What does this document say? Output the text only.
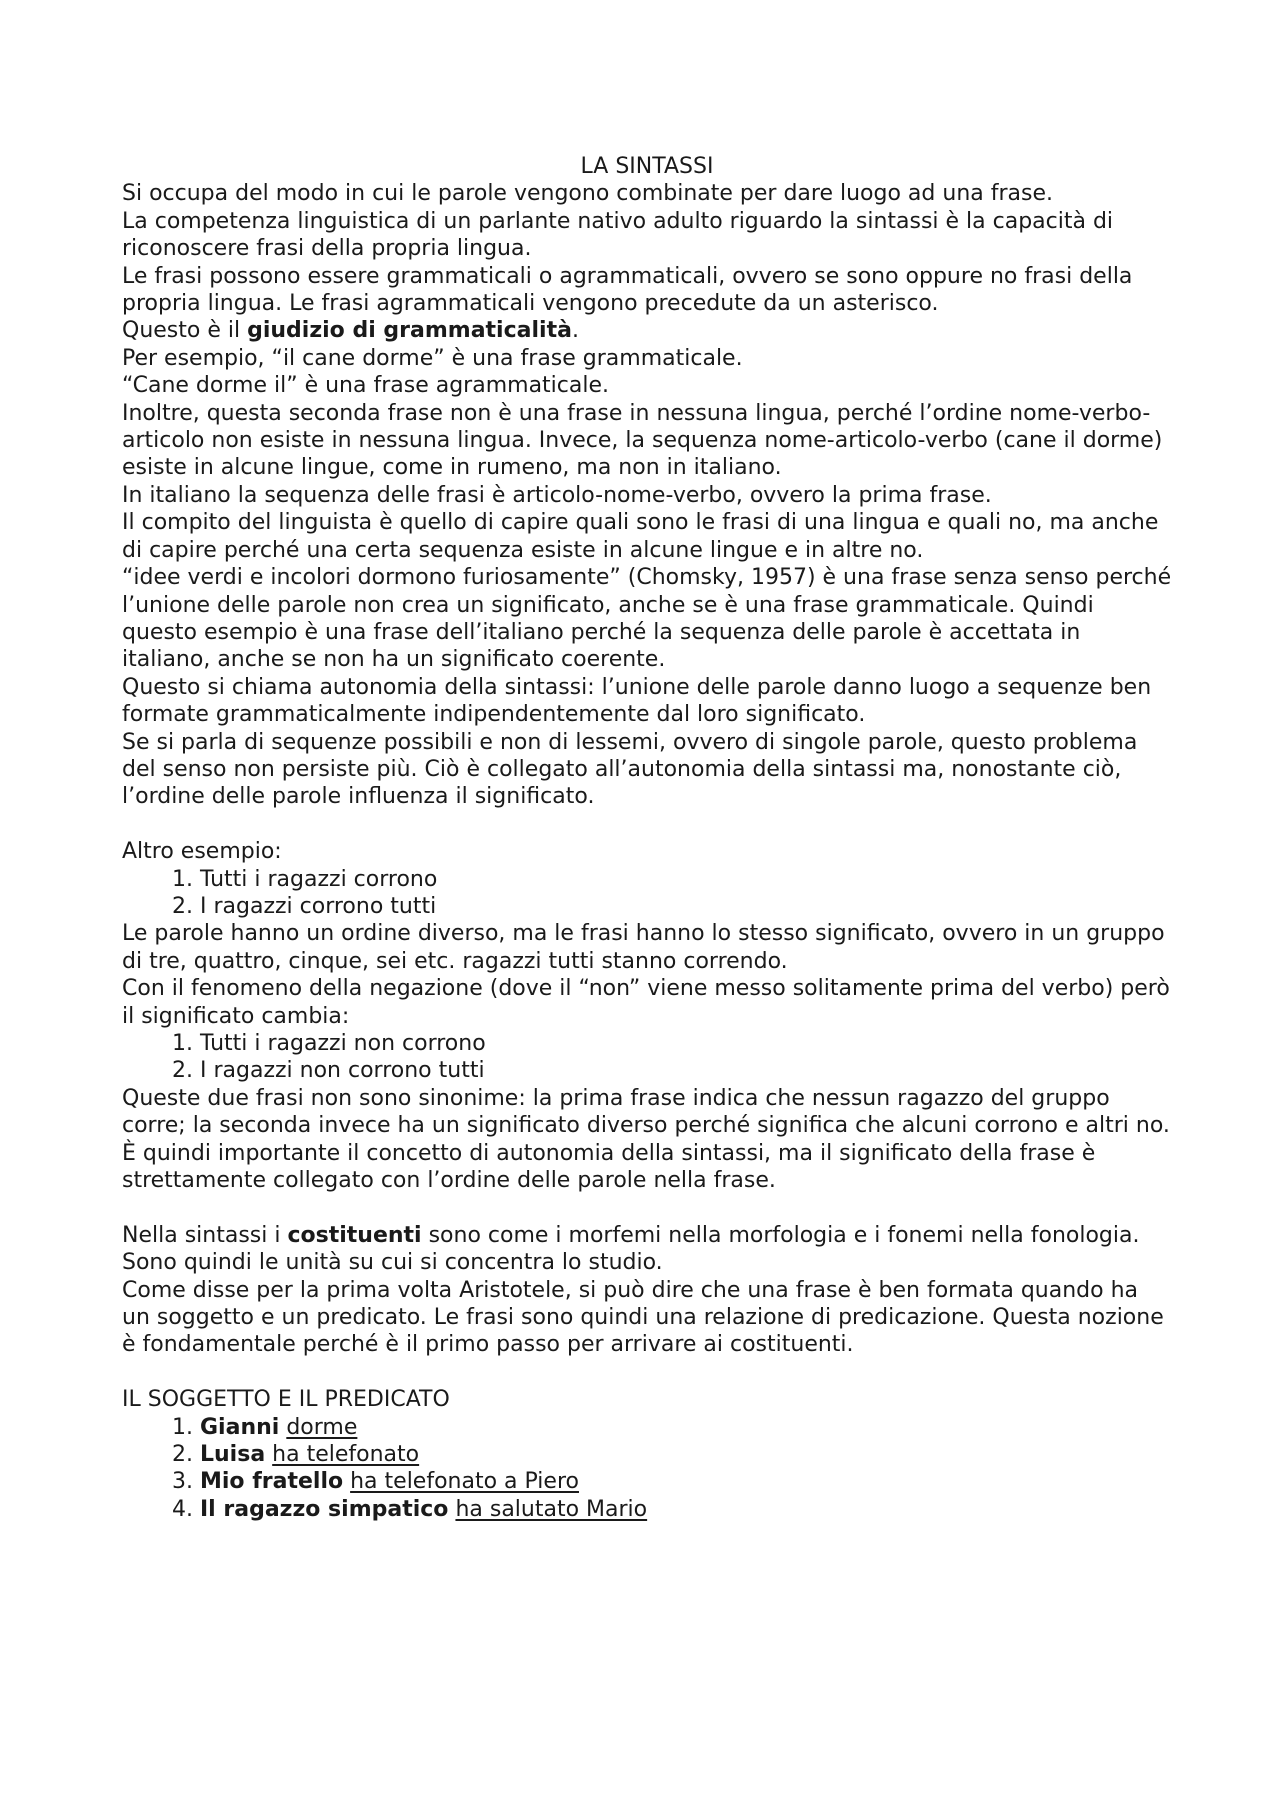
LA SINTASSI

Si occupa del modo in cui le parole vengono combinate per dare luogo ad una frase.

La competenza linguistica di un parlante nativo adulto riguardo la sintassi è la capacità di riconoscere frasi della propria lingua.

Le frasi possono essere grammaticali o agrammaticali, ovvero se sono oppure no frasi della propria lingua. Le frasi agrammaticali vengono precedute da un asterisco.

Questo è il giudizio di grammaticalità.

Per esempio, “il cane dorme” è una frase grammaticale.

“Cane dorme il” è una frase agrammaticale.

Inoltre, questa seconda frase non è una frase in nessuna lingua, perché l’ordine nome-verbo-articolo non esiste in nessuna lingua. Invece, la sequenza nome-articolo-verbo (cane il dorme) esiste in alcune lingue, come in rumeno, ma non in italiano.

In italiano la sequenza delle frasi è articolo-nome-verbo, ovvero la prima frase.

Il compito del linguista è quello di capire quali sono le frasi di una lingua e quali no, ma anche di capire perché una certa sequenza esiste in alcune lingue e in altre no.

“idee verdi e incolori dormono furiosamente” (Chomsky, 1957) è una frase senza senso perché l’unione delle parole non crea un significato, anche se è una frase grammaticale. Quindi questo esempio è una frase dell’italiano perché la sequenza delle parole è accettata in italiano, anche se non ha un significato coerente.

Questo si chiama autonomia della sintassi: l’unione delle parole danno luogo a sequenze ben formate grammaticalmente indipendentemente dal loro significato.

Se si parla di sequenze possibili e non di lessemi, ovvero di singole parole, questo problema del senso non persiste più. Ciò è collegato all’autonomia della sintassi ma, nonostante ciò, l’ordine delle parole influenza il significato.

Altro esempio:

1. Tutti i ragazzi corrono
2. I ragazzi corrono tutti

Le parole hanno un ordine diverso, ma le frasi hanno lo stesso significato, ovvero in un gruppo di tre, quattro, cinque, sei etc. ragazzi tutti stanno correndo.

Con il fenomeno della negazione (dove il “non” viene messo solitamente prima del verbo) però il significato cambia:

1. Tutti i ragazzi non corrono
2. I ragazzi non corrono tutti

Queste due frasi non sono sinonime: la prima frase indica che nessun ragazzo del gruppo corre; la seconda invece ha un significato diverso perché significa che alcuni corrono e altri no.

È quindi importante il concetto di autonomia della sintassi, ma il significato della frase è strettamente collegato con l’ordine delle parole nella frase.

Nella sintassi i costituenti sono come i morfemi nella morfologia e i fonemi nella fonologia. Sono quindi le unità su cui si concentra lo studio.

Come disse per la prima volta Aristotele, si può dire che una frase è ben formata quando ha un soggetto e un predicato. Le frasi sono quindi una relazione di predicazione. Questa nozione è fondamentale perché è il primo passo per arrivare ai costituenti.

IL SOGGETTO E IL PREDICATO

1. Gianni dorme
2. Luisa ha telefonato
3. Mio fratello ha telefonato a Piero
4. Il ragazzo simpatico ha salutato Mario
